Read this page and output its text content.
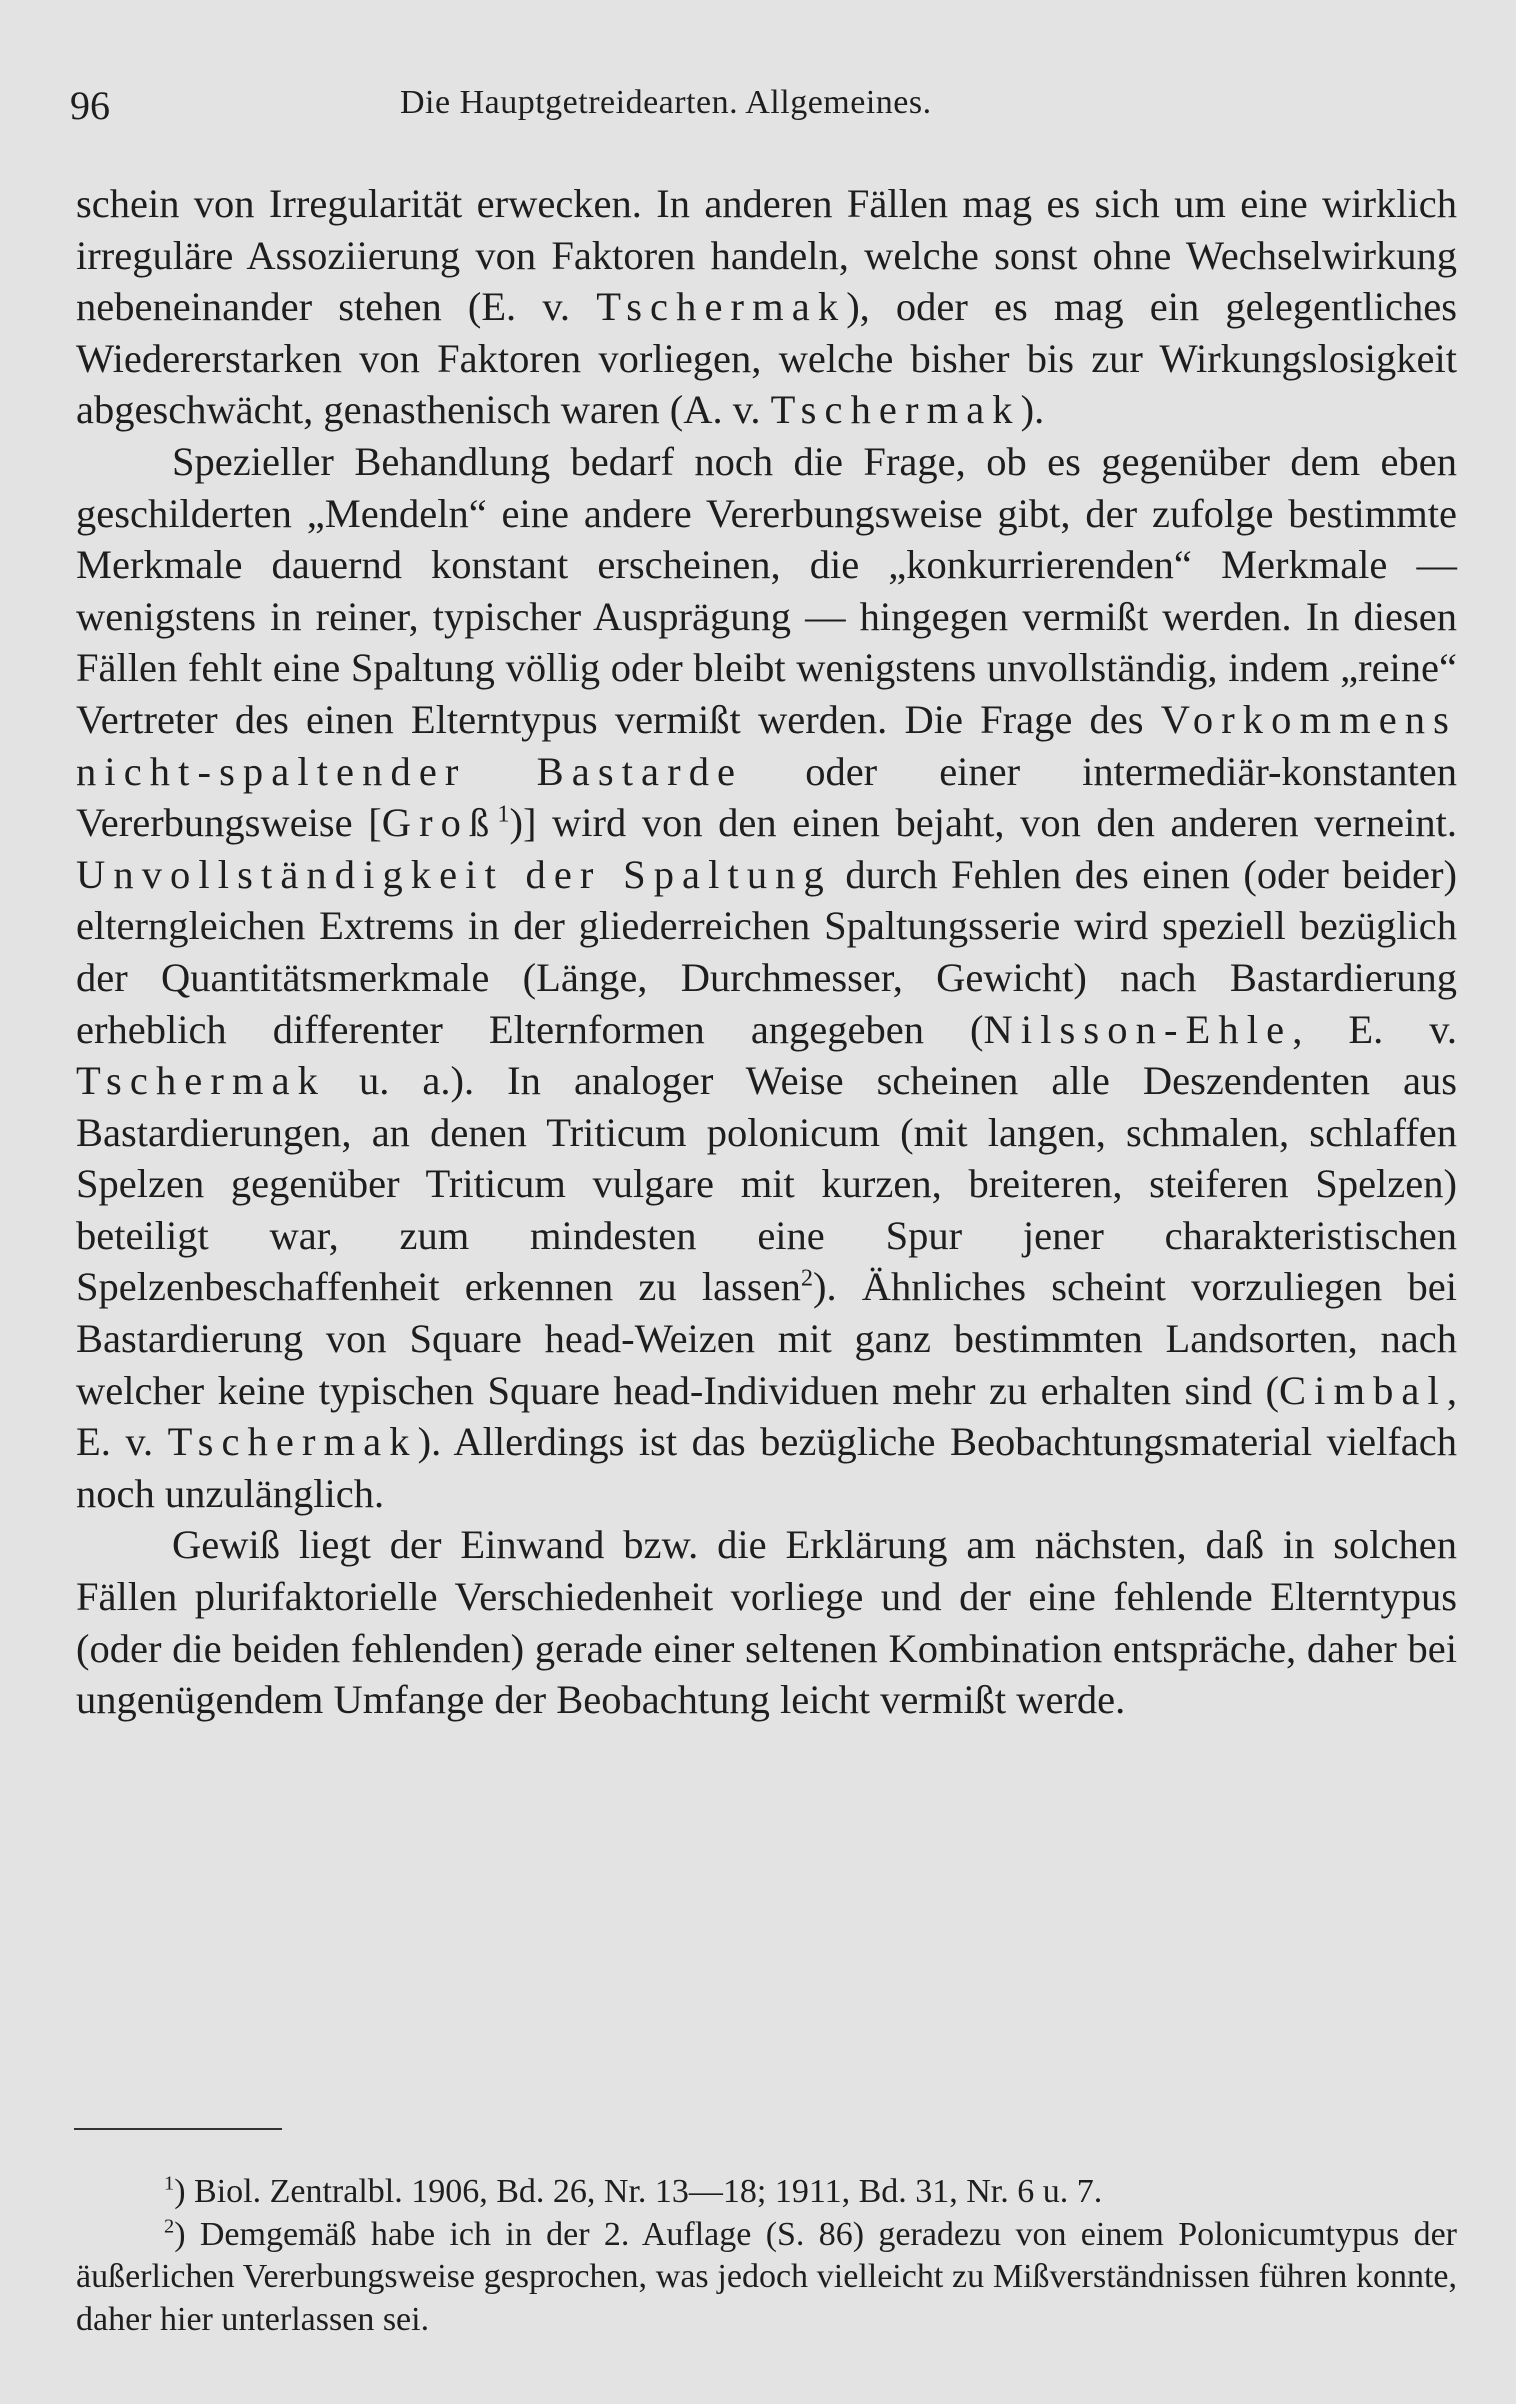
96	Die Hauptgetreidearten. Allgemeines.

schein von Irregularität erwecken. In anderen Fällen mag es sich um eine wirklich irreguläre Assoziierung von Faktoren handeln, welche sonst ohne Wechselwirkung nebeneinander stehen (E. v. Tschermak), oder es mag ein gelegentliches Wiedererstarken von Faktoren vorliegen, welche bisher bis zur Wirkungslosigkeit abgeschwächt, genasthenisch waren (A. v. Tschermak).

Spezieller Behandlung bedarf noch die Frage, ob es gegenüber dem eben geschilderten „Mendeln“ eine andere Vererbungsweise gibt, der zufolge bestimmte Merkmale dauernd konstant erscheinen, die „konkurrierenden“ Merkmale — wenigstens in reiner, typischer Ausprägung — hingegen vermißt werden. In diesen Fällen fehlt eine Spaltung völlig oder bleibt wenigstens unvollständig, indem „reine“ Vertreter des einen Elterntypus vermißt werden. Die Frage des Vorkommens nicht-spaltender Bastarde oder einer intermediär-konstanten Vererbungsweise [Groß$^1$)] wird von den einen bejaht, von den anderen verneint. Unvollständigkeit der Spaltung durch Fehlen des einen (oder beider) elterngleichen Extrems in der gliederreichen Spaltungsserie wird speziell bezüglich der Quantitätsmerkmale (Länge, Durchmesser, Gewicht) nach Bastardierung erheblich differenter Elternformen angegeben (Nilsson-Ehle, E. v. Tschermak u. a.). In analoger Weise scheinen alle Deszendenten aus Bastardierungen, an denen Triticum polonicum (mit langen, schmalen, schlaffen Spelzen gegenüber Triticum vulgare mit kurzen, breiteren, steiferen Spelzen) beteiligt war, zum mindesten eine Spur jener charakteristischen Spelzenbeschaffenheit erkennen zu lassen$^2$). Ähnliches scheint vorzuliegen bei Bastardierung von Square head-Weizen mit ganz bestimmten Landsorten, nach welcher keine typischen Square head-Individuen mehr zu erhalten sind (Cimbal, E. v. Tschermak). Allerdings ist das bezügliche Beobachtungsmaterial vielfach noch unzulänglich.

Gewiß liegt der Einwand bzw. die Erklärung am nächsten, daß in solchen Fällen plurifaktorielle Verschiedenheit vorliege und der eine fehlende Elterntypus (oder die beiden fehlenden) gerade einer seltenen Kombination entspräche, daher bei ungenügendem Umfange der Beobachtung leicht vermißt werde.

$^1$) Biol. Zentralbl. 1906, Bd. 26, Nr. 13—18; 1911, Bd. 31, Nr. 6 u. 7.

$^2$) Demgemäß habe ich in der 2. Auflage (S. 86) geradezu von einem Polonicumtypus der äußerlichen Vererbungsweise gesprochen, was jedoch vielleicht zu Mißverständnissen führen konnte, daher hier unterlassen sei.
